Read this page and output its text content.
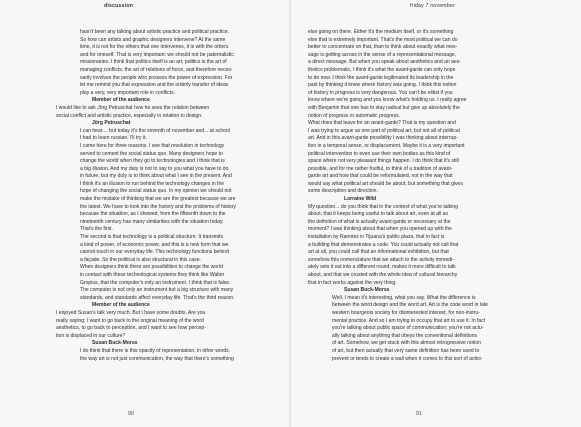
discussion
hasn't been any talking about artistic practice and political practice.
So how can artists and graphic designers intervene? At the same
time, it is not for the others that one intervenes, it is with the others
and for oneself. That is very important: we should not be paternalistic
missionaries. I think that politics itself is an art, politics is the art of
managing conflicts, the art of relations of force, and therefore neces-
sarily involves the people who possess the power of expression. For
let me remind you that expression and the orderly transfer of ideas
play a very, very important role in conflicts.
Member of the audience
I would like to ask Jörg Petruschat how he sees the relation between
social conflict and artistic practice, especially in relation to design.
Jörg Petruschat
I can hear.... but today it's the seventh of november and... at school
I had to learn russian. I'll try it.
I came here for three reasons. I see that revolution in technology
served to cement the social status quo. Many designers hope to
change the world when they go to technologies and I think that is
a big illusion. And my duty is not to say to you what you have to do
in future, but my duty is to think about what I see in the present. And
I think it's an illusion to run behind the technology changes in the
hope of changing the social status quo. In my opinion we should not
make the mistake of thinking that we are the greatest because we are
the latest. We have to look into the history and the problems of history
because the situation, as I showed, from the fifteenth down to the
nineteenth century has many similarities with the situation today.
That's the first.
The second is that technology is a political structure. It transmits
a kind of power, of economic power, and this is a new form that we
cannot touch in our everyday life. This technology functions behind
a façade. So the political is also structural in this case.
When designers think there are possibilities to change the world
in contact with these technological systems they think like Walter
Gropius, that the computer's only an instrument. I think that is false.
The computer is not only an instrument but a big structure with many
standards, and standards affect everyday life. That's the third reason.
Member of the audience
I enjoyed Susan's talk very much. But I have some doubts. Are you
really saying: I want to go back to the original meaning of the word
aesthetics, to go back to perception, and I want to see how percep-
tion is displaced in our culture?
Susan Buck-Morss
I do think that there is this opacity of representation, in other words,
the way art is not just communication, the way that there's something
90
friday 7 november
else going on there. Either it's the medium itself, or it's something
else that is extremely important. That's the most political we can do
better to concentrate on that, than to think about exactly what mes-
sage is getting across in the sense of a representational message,
a direct message. But when you speak about aesthetics and an aes-
thetics problematic, I think it's what the avant-garde can only hope
to do now. I think the avant-garde legitimated its leadership in the
past by thinking it knew where history was going. I think this notion
of history in progress is very dangerous. You can't be elitist if you
know where we're going and you know what's holding us. I really agree
with Benjamin that one has to stay radical but give up absolutely the
notion of progress or automatic progress.
What does that leave for an avant-garde? That is my question and
I was trying to argue as one part of political art, but not all of political
art. And in this avant-garde possibility I was thinking about interrup-
tion in a temporal sense, or displacement. Maybe it is a very important
political intervention to even use their own bodies as this kind of
space where not very pleasant things happen. I do think that it's still
possible, and for me rather fruitful, to think of a tradition of avant-
garde art and how that could be reformulated, not in the way that
would say what political art should be about, but something that gives
some description and direction.
Lorraine Wild
My question... do you think that in the context of what you're talking
about, that it keeps being useful to talk about art, even at all as
the definition of what is actually avant-garde or necessary at the
moment? I was thinking about that when you opened up with the
installation by Ramirez in Tijuana's public plaza, that in fact is
a building that demonstrates a code. You could actually not call that
art at all, you could call that an informational exhibition, but that
somehow this nomenclature that we attach to the activity immedi-
ately sets it out into a different round, makes it more difficult to talk
about, and that we crusted with the whole idea of cultural hierarchy
that in fact works against the very thing.
Susan Buck-Morss
Well, I mean it's interesting, what you say. What the difference is
between the word design and the word art. Art is the code word in late
western bourgeois society for disinterested interest, for non-instru-
mental practice. And so I am trying to occupy that art to use it. In fact
you're talking about public space of communication; you're not actu-
ally talking about anything that obeys the conventional definitions
of art. Somehow, we get stuck with this almost retrogressive notion
of art, but then actually that very same definition has been used to
prevent or tends to create a wall when it comes to this sort of activi-
91
